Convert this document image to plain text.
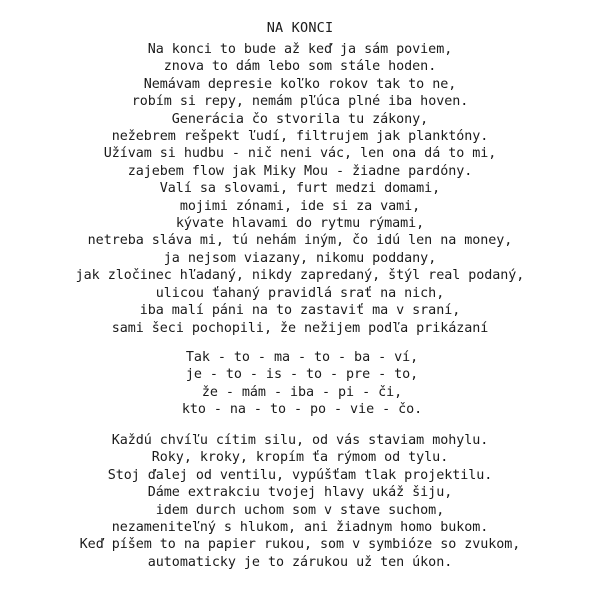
NA KONCI
Na konci to bude až keď ja sám poviem,
znova to dám lebo som stále hoden.
Nemávam depresie koľko rokov tak to ne,
robím si repy, nemám pľúca plné iba hoven.
Generácia čo stvorila tu zákony,
nežebrem rešpekt ľudí, filtrujem jak planktóny.
Užívam si hudbu - nič neni vác, len ona dá to mi,
zajebem flow jak Miky Mou - žiadne pardóny.
Valí sa slovami, furt medzi domami,
mojimi zónami, ide si za vami,
kývate hlavami do rytmu rýmami,
netreba sláva mi, tú nehám iným, čo idú len na money,
ja nejsom viazany, nikomu poddany,
jak zločinec hľadaný, nikdy zapredaný, štýl real podaný,
ulicou ťahaný pravidlá srať na nich,
iba malí páni na to zastaviť ma v sraní,
sami šeci pochopili, že nežijem podľa prikázaní
Tak - to - ma - to - ba - ví,
je - to - is - to - pre - to,
že - mám - iba - pi - či,
kto - na - to - po - vie - čo.
Každú chvíľu cítim silu, od vás staviam mohylu.
Roky, kroky, kropím ťa rýmom od tylu.
Stoj ďalej od ventilu, vypúšťam tlak projektilu.
Dáme extrakciu tvojej hlavy ukáž šiju,
idem durch uchom som v stave suchom,
nezameniteľný s hlukom, ani žiadnym homo bukom.
Keď píšem to na papier rukou, som v symbióze so zvukom,
automaticky je to zárukou už ten úkon.
